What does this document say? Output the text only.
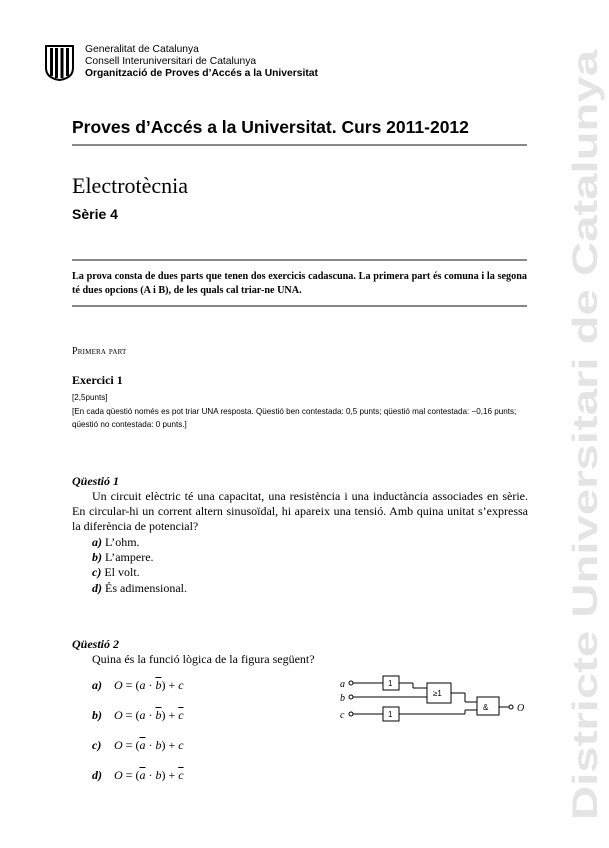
Generalitat de Catalunya
Consell Interuniversitari de Catalunya
Organització de Proves d’Accés a la Universitat
Proves d’Accés a la Universitat. Curs 2011-2012
Electrotècnia
Sèrie 4
La prova consta de dues parts que tenen dos exercicis cadascuna. La primera part és comuna i la segona té dues opcions (A i B), de les quals cal triar-ne UNA.
Primera part
Exercici 1
[2,5punts]
[En cada qüestió només es pot triar UNA resposta. Qüestió ben contestada: 0,5 punts; qüestió mal contestada: −0,16 punts; qüestió no contestada: 0 punts.]
Qüestió 1
Un circuit elèctric té una capacitat, una resistència i una inductància associades en sèrie. En circular-hi un corrent altern sinusoïdal, hi apareix una tensió. Amb quina unitat s’expressa la diferència de potencial?
a) L’ohm.
b) L’ampere.
c) El volt.
d) És adimensional.
Qüestió 2
Quina és la funció lògica de la figura següent?
a) $O = (a \cdot \overline{b}) + c$
b) $O = (a \cdot \overline{b}) + \overline{c}$
c) $O = (\overline{a} \cdot b) + c$
d) $O = (\overline{a} \cdot b) + \overline{c}$
a
b
c
O
1
≥1
1
& Districte Universitari de Catalunya
